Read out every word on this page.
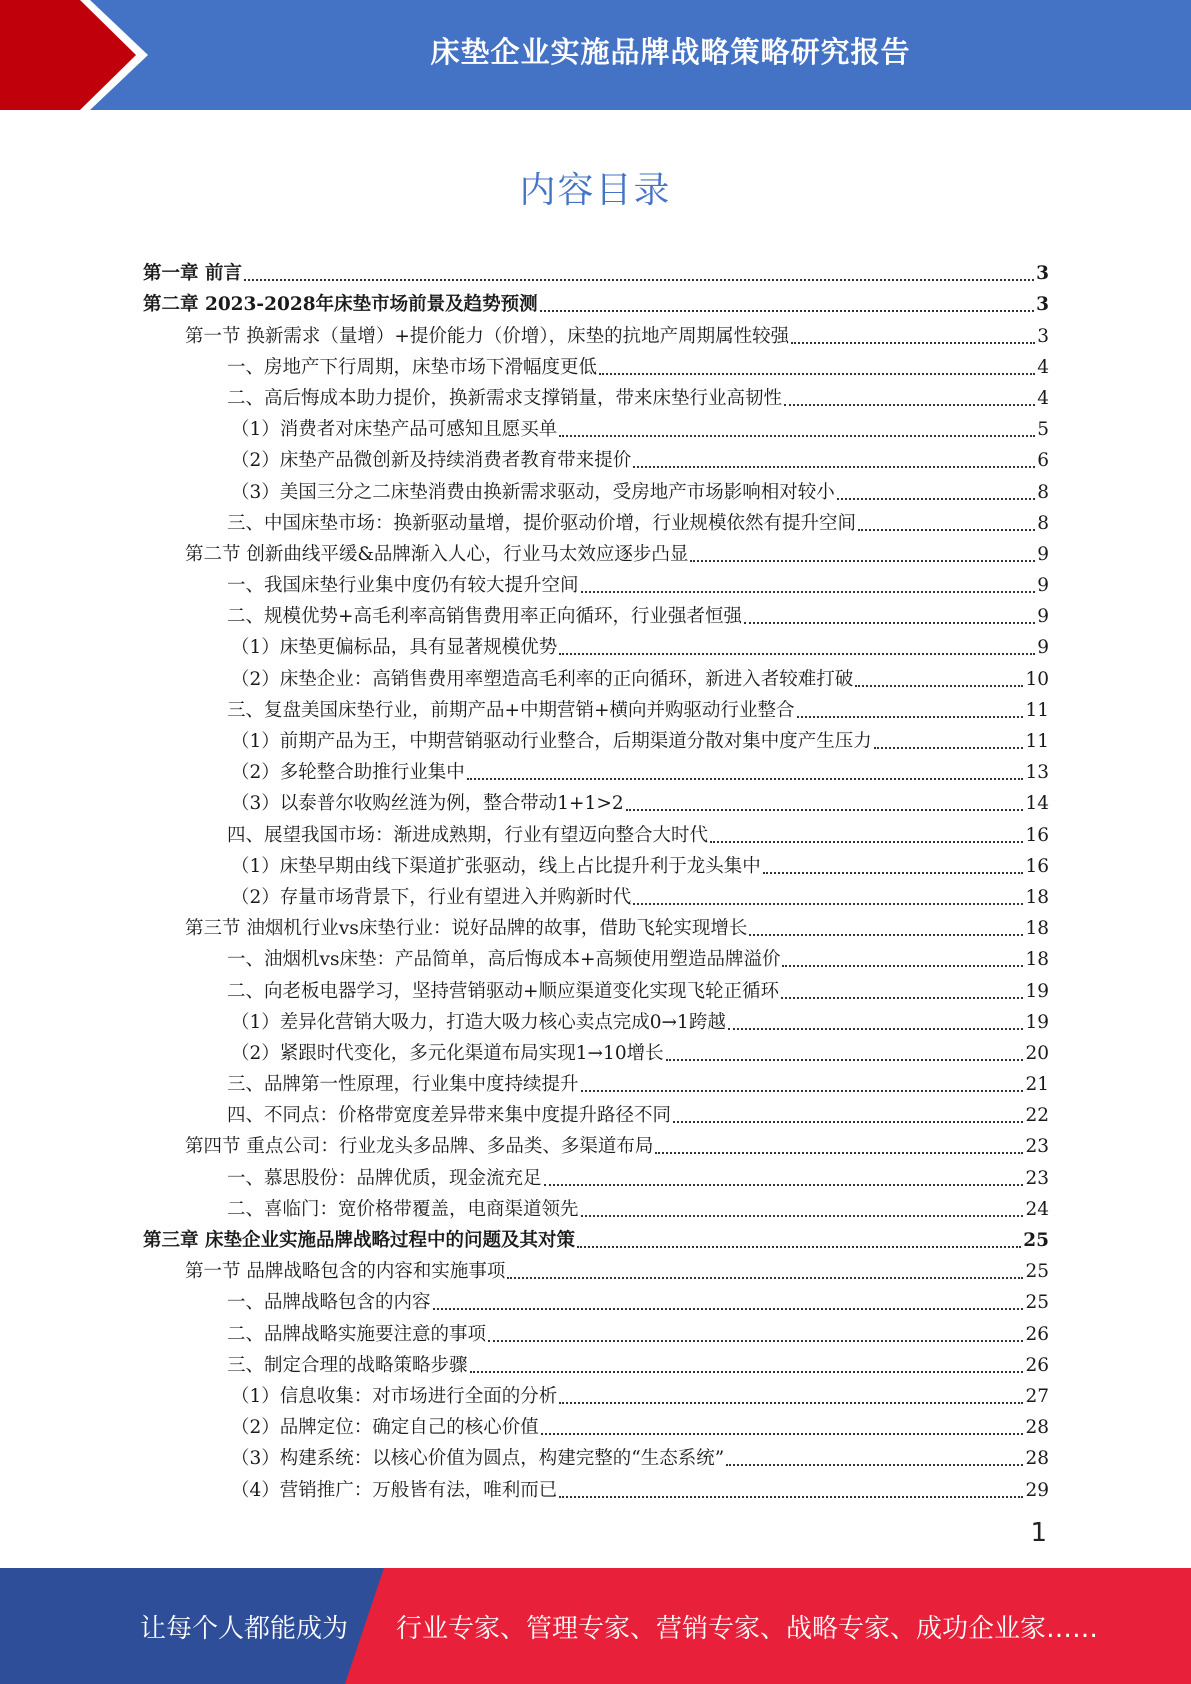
床垫企业实施品牌战略策略研究报告
内容目录
第一章 前言	3
第二章 2023-2028年床垫市场前景及趋势预测	3
第一节 换新需求（量增）+提价能力（价增），床垫的抗地产周期属性较强	3
一、房地产下行周期，床垫市场下滑幅度更低	4
二、高后悔成本助力提价，换新需求支撑销量，带来床垫行业高韧性	4
（1）消费者对床垫产品可感知且愿买单	5
（2）床垫产品微创新及持续消费者教育带来提价	6
（3）美国三分之二床垫消费由换新需求驱动，受房地产市场影响相对较小	8
三、中国床垫市场：换新驱动量增，提价驱动价增，行业规模依然有提升空间	8
第二节 创新曲线平缓&品牌渐入人心，行业马太效应逐步凸显	9
一、我国床垫行业集中度仍有较大提升空间	9
二、规模优势+高毛利率高销售费用率正向循环，行业强者恒强	9
（1）床垫更偏标品，具有显著规模优势	9
（2）床垫企业：高销售费用率塑造高毛利率的正向循环，新进入者较难打破	10
三、复盘美国床垫行业，前期产品+中期营销+横向并购驱动行业整合	11
（1）前期产品为王，中期营销驱动行业整合，后期渠道分散对集中度产生压力	11
（2）多轮整合助推行业集中	13
（3）以泰普尔收购丝涟为例，整合带动1+1>2	14
四、展望我国市场：渐进成熟期，行业有望迈向整合大时代	16
（1）床垫早期由线下渠道扩张驱动，线上占比提升利于龙头集中	16
（2）存量市场背景下，行业有望进入并购新时代	18
第三节 油烟机行业vs床垫行业：说好品牌的故事，借助飞轮实现增长	18
一、油烟机vs床垫：产品简单，高后悔成本+高频使用塑造品牌溢价	18
二、向老板电器学习，坚持营销驱动+顺应渠道变化实现飞轮正循环	19
（1）差异化营销大吸力，打造大吸力核心卖点完成0→1跨越	19
（2）紧跟时代变化，多元化渠道布局实现1→10增长	20
三、品牌第一性原理，行业集中度持续提升	21
四、不同点：价格带宽度差异带来集中度提升路径不同	22
第四节 重点公司：行业龙头多品牌、多品类、多渠道布局	23
一、慕思股份：品牌优质，现金流充足	23
二、喜临门：宽价格带覆盖，电商渠道领先	24
第三章 床垫企业实施品牌战略过程中的问题及其对策	25
第一节 品牌战略包含的内容和实施事项	25
一、品牌战略包含的内容	25
二、品牌战略实施要注意的事项	26
三、制定合理的战略策略步骤	26
（1）信息收集：对市场进行全面的分析	27
（2）品牌定位：确定自己的核心价值	28
（3）构建系统：以核心价值为圆点，构建完整的“生态系统”	28
（4）营销推广：万般皆有法，唯利而已	29
1
让每个人都能成为 行业专家、管理专家、营销专家、战略专家、成功企业家……
